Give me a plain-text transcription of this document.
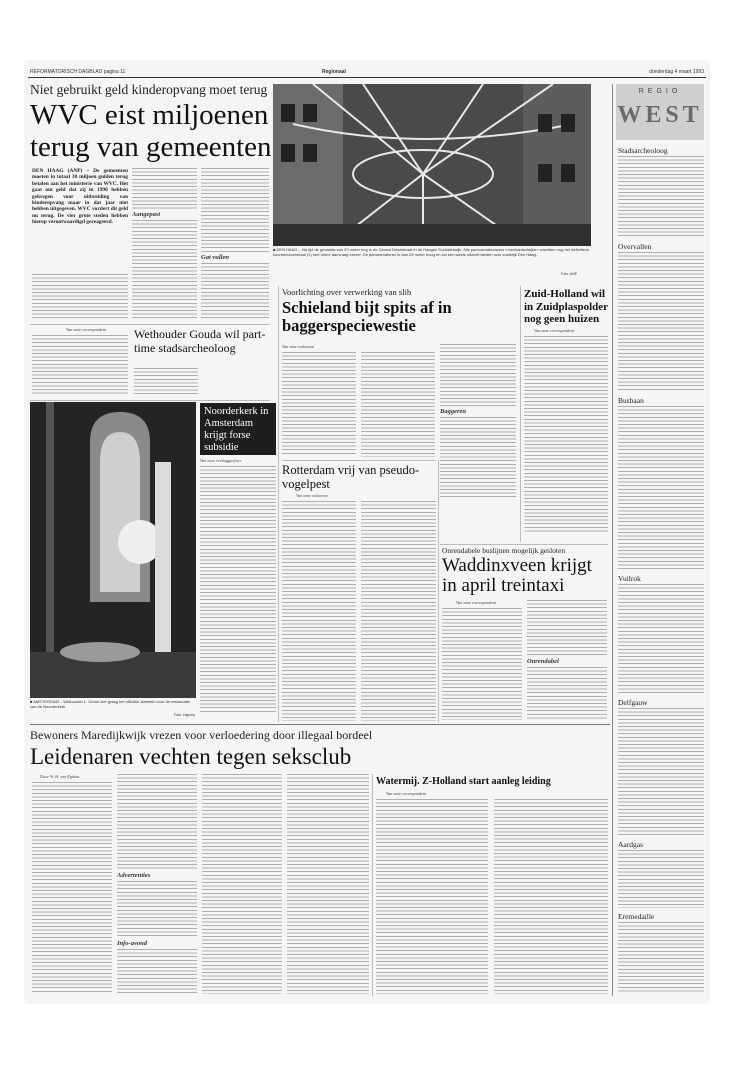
REFORMATORISCH DAGBLAD pagina 11	Regionaal	donderdag 4 maart 1993
Niet gebruikt geld kinderopvang moet terug
WVC eist miljoenen
terug van gemeenten
DEN HAAG (ANP) – De gemeenten moeten in totaal 30 miljoen gulden terug betalen aan het ministerie van WVC. Het gaat om geld dat zij in 1990 hebben gekregen voor uitbreiding van kinderopvang maar in dat jaar niet hebben uitgegeven. WVC vordert dit geld nu terug. De vier grote steden hebben hierop verontwaardigd gereageerd.
Aangepast
Gat vullen
■ DEN HAAG – Na tijd de gevaarte van 20 meter nog in de Gerard Deselstraat in de Haagse Schilderswijk. Alle panoramabouwers «mechanischrijke» wachtten nog het definitieve koortsenzoenmaal (1) met ruime aanvraag erover. De panoramatoren is dan 23 meter hoog en zal een weids uitzicht bieden over zuidelijk Den Haag.
Foto: ANP
Van onze correspondent Wethouder Gouda wil part-time stadsarcheoloog
■ AMSTERDAM – Wethouder L. Genet ziet graag het officiële startsein voor de restauratie van de Noorderkerk.
Foto: Dapons
Noorderkerk in Amsterdam krijgt forse subsidie
Van onze verslaggeefster
Voorlichting over verwerking van slib
Schieland bijt spits af in baggerspeciewestie
Van onze redacteur
Baggeren
Zuid-Holland wil in Zuidplaspolder nog geen huizen
Van onze correspondent
Rotterdam vrij van pseudo-vogelpest
Van onze redacteur
Onrendabele buslijnen mogelijk gesloten
Waddinxveen krijgt in april treintaxi
Van onze correspondent
Onrendabel
Bewoners Maredijkwijk vrezen voor verloedering door illegaal bordeel
Leidenaren vechten tegen seksclub
Door W. H. van Egdom
Advertenties
Info-avond
Watermij. Z-Holland start aanleg leiding
Van onze correspondent
REGIO
WEST
Stadsarcheoloog
Overvallen
Busbaan
Vuilrok
Delfgauw
Aardgas
Eremedaille
